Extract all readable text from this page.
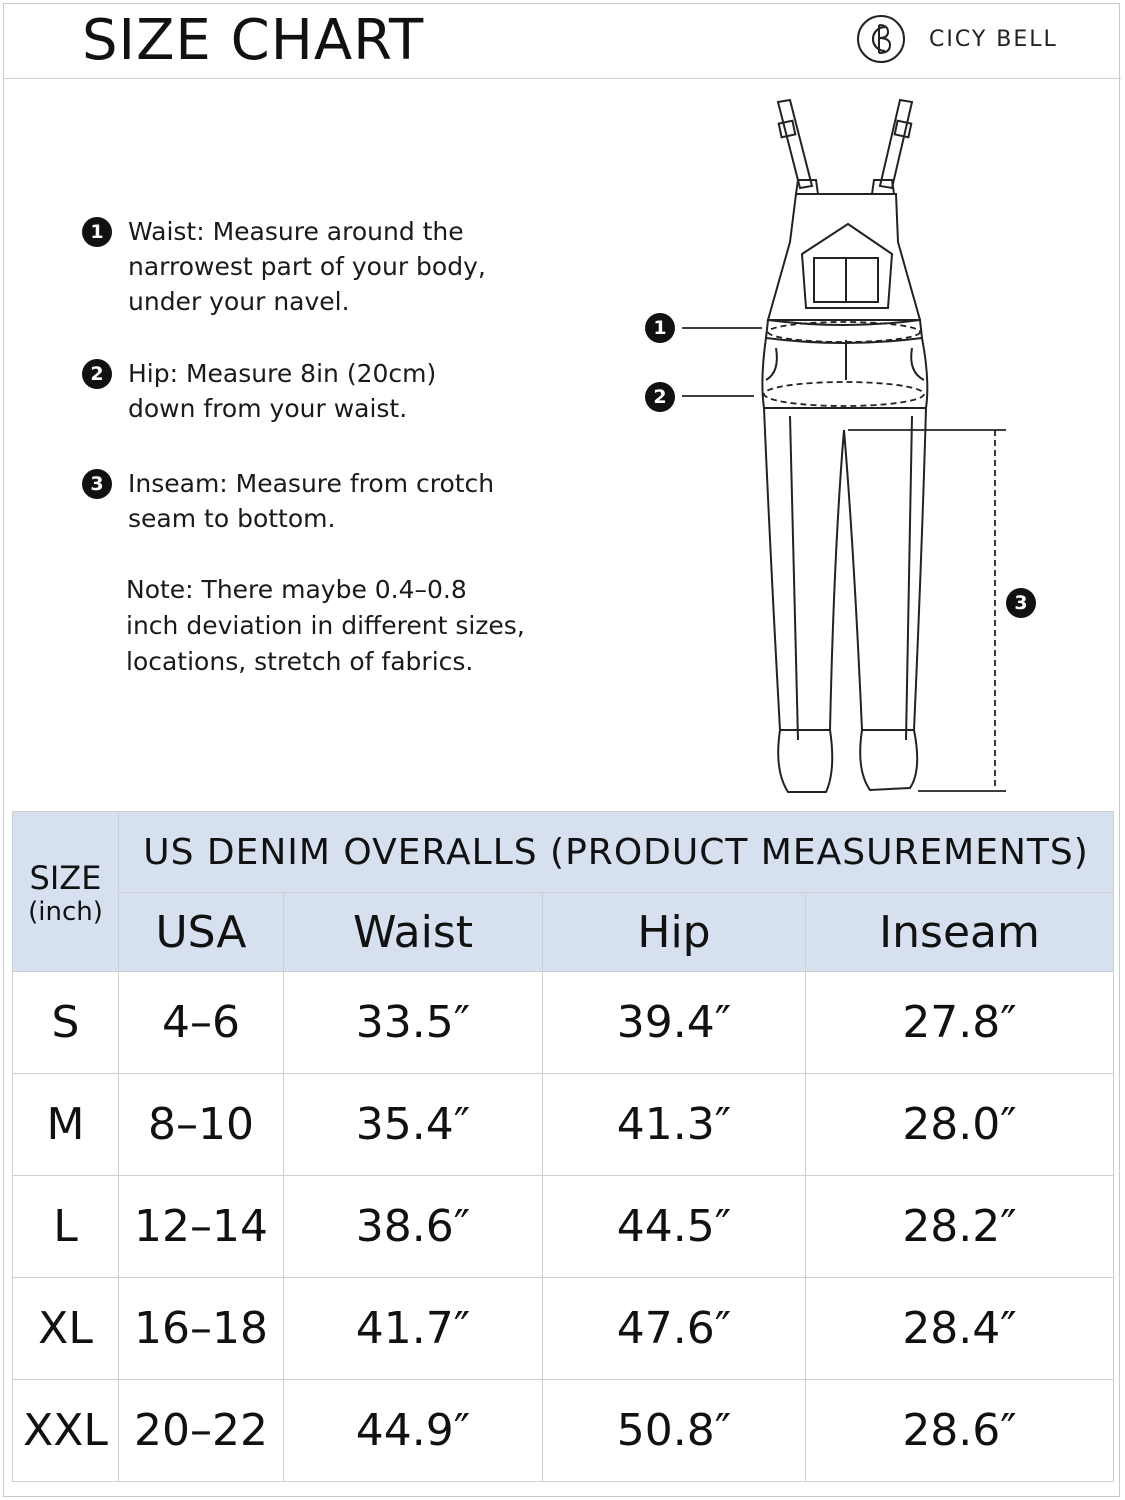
SIZE CHART	CICY BELL
1 Waist: Measure around the
narrowest part of your body,
under your navel.
2 Hip: Measure 8in (20cm)
down from your waist.
3 Inseam: Measure from crotch
seam to bottom.
Note: There maybe 0.4–0.8
inch deviation in different sizes,
locations, stretch of fabrics.
1
2
3
SIZE
(inch)	US DENIM OVERALLS (PRODUCT MEASUREMENTS)			
	USA	Waist	Hip	Inseam
S	4–6	33.5″	39.4″	27.8″
M	8–10	35.4″	41.3″	28.0″
L	12–14	38.6″	44.5″	28.2″
XL	16–18	41.7″	47.6″	28.4″
XXL	20–22	44.9″	50.8″	28.6″
